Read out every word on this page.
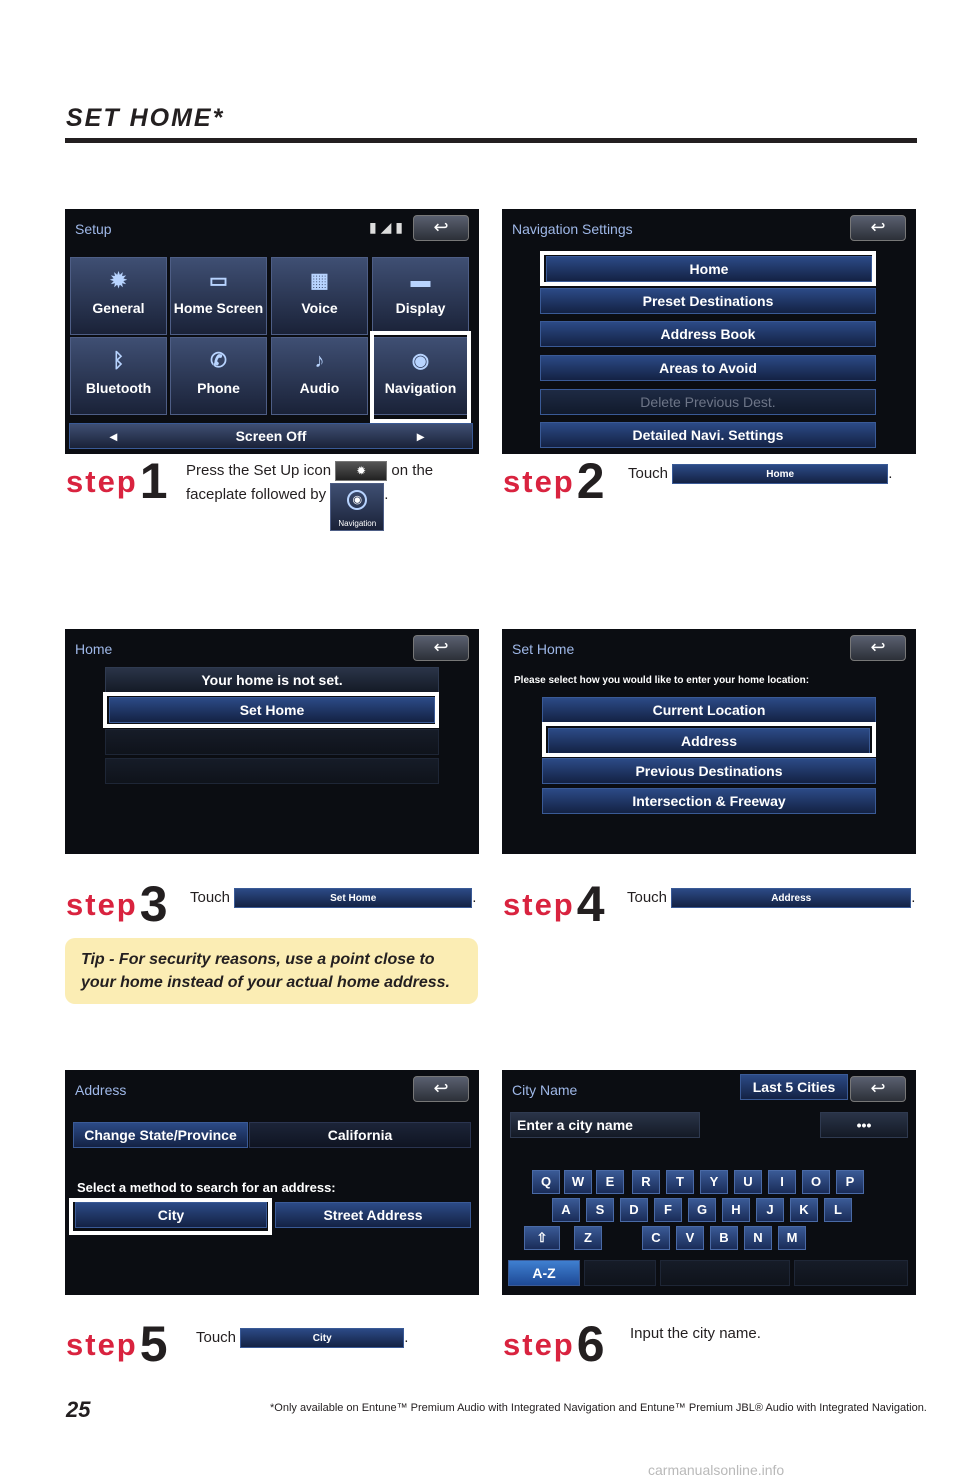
SET HOME*
Setup	▮ ◢ ▮	↩
✹
General
▭
Home Screen
▦
Voice
▬
Display
ᛒ
Bluetooth
✆
Phone
♪
Audio
◉
Navigation
◂	Screen Off	▸
Navigation Settings	↩
Home
Preset Destinations
Address Book
Areas to Avoid
Delete Previous Dest.
Detailed Navi. Settings
step1 Press the Set Up icon	✹ on the faceplate followed by	◉
Navigation.	step2 Touch	Home	.
Home	↩
Your home is not set.
Set Home
Set Home	↩
Please select how you would like to enter your home location:
Current Location
Address
Previous Destinations
Intersection & Freeway
step3 Touch	Set Home	. step4 Touch	Address	.
Tip - For security reasons, use a point close to your home instead of your actual home address.
Address	↩
Change State/Province	California
Select a method to search for an address:
City	Street Address
City Name	Last 5 Cities	↩
Enter a city name	•••
Q	W	E	R	T	Y	U	I	O	P
A	S	D	F	G	H	J	K	L
⇧	Z	C	V	B	N	M
A-Z
step5 Touch	City	.	step6 Input the city name.
25	*Only available on Entune™ Premium Audio with Integrated Navigation and Entune™ Premium JBL® Audio with Integrated Navigation.
carmanualsonline.info
